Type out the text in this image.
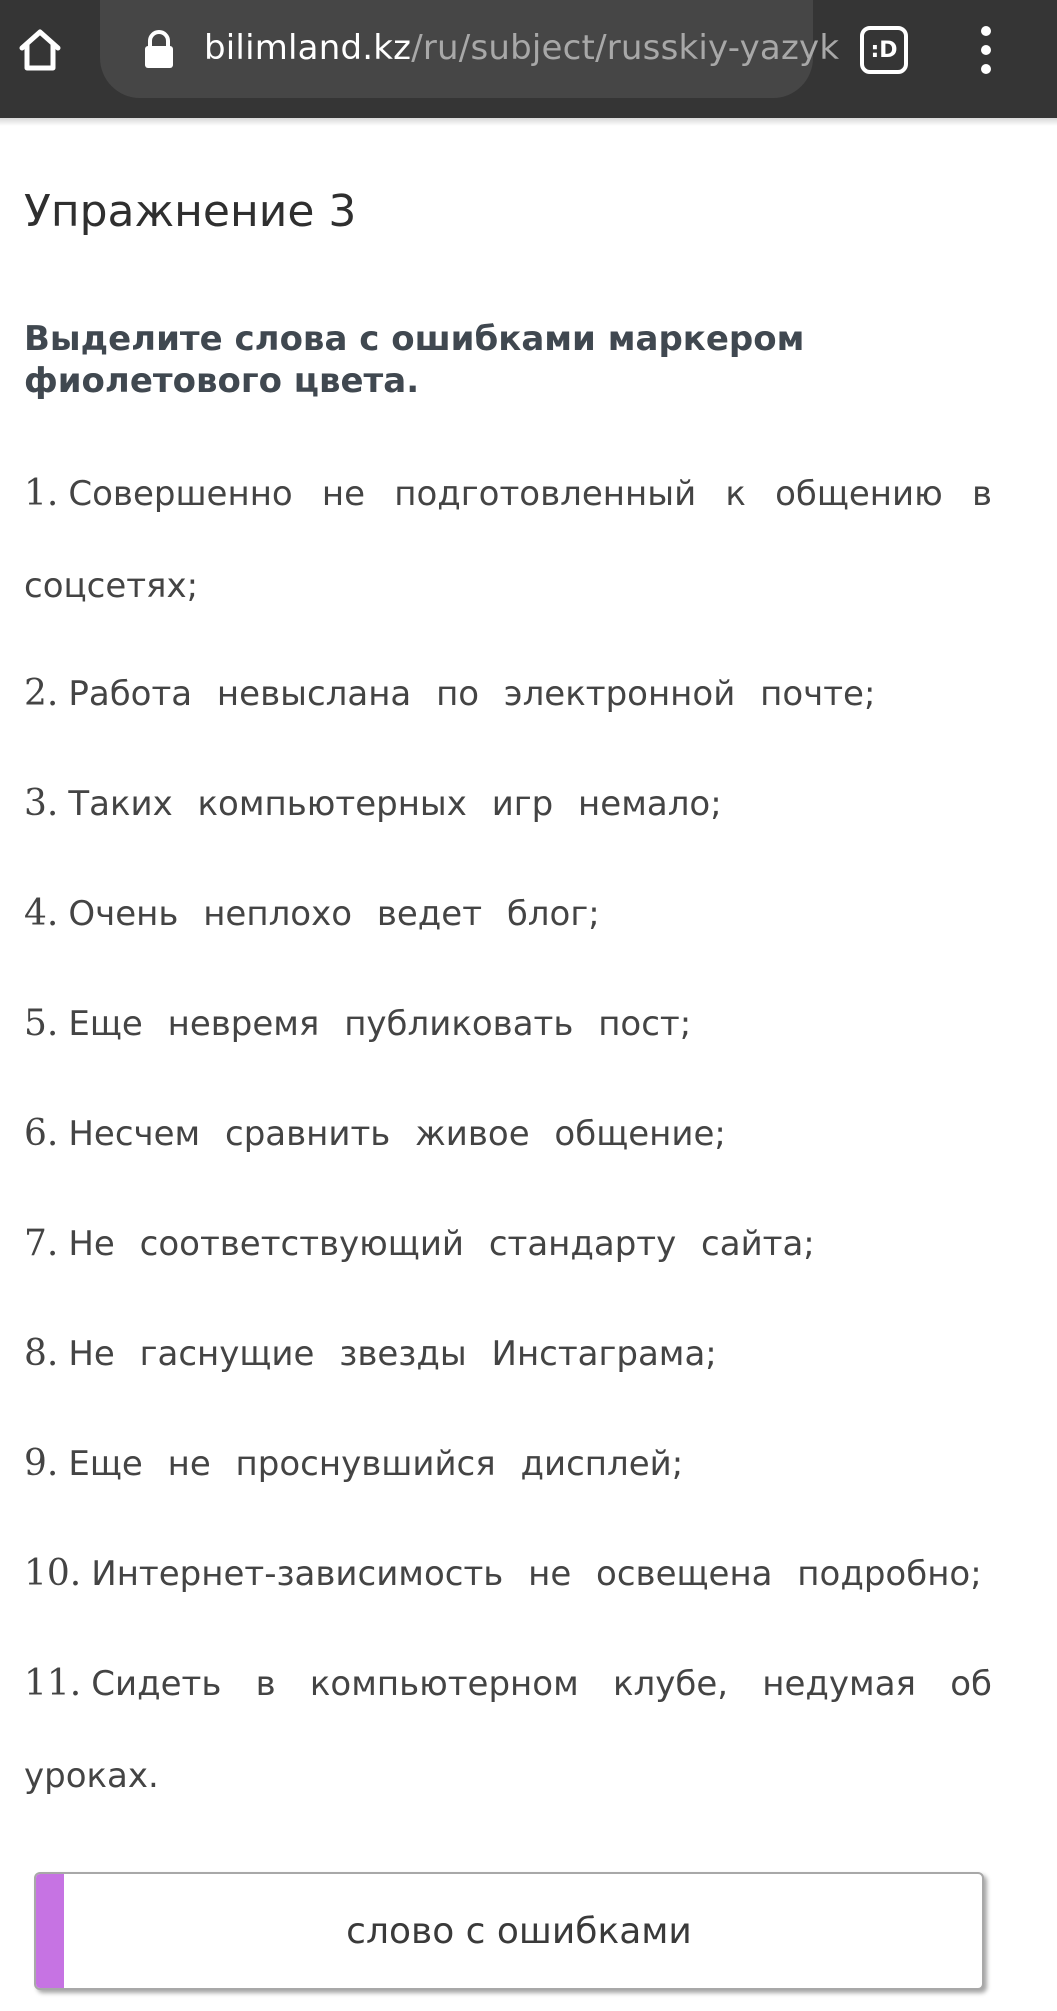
bilimland.kz/ru/subject/russkiy-yazyk	:D
Упражнение 3

Выделите слова с ошибками маркером фиолетового цвета.

1. Совершенно не подготовленный к общению в соцсетях;
2. Работа невыслана по электронной почте;
3. Таких компьютерных игр немало;
4. Очень неплохо ведет блог;
5. Еще невремя публиковать пост;
6. Несчем сравнить живое общение;
7. Не соответствующий стандарту сайта;
8. Не гаснущие звезды Инстаграма;
9. Еще не проснувшийся дисплей;
10. Интернет-зависимость не освещена подробно;
11. Сидеть в компьютерном клубе, недумая об уроках.
слово с ошибками
